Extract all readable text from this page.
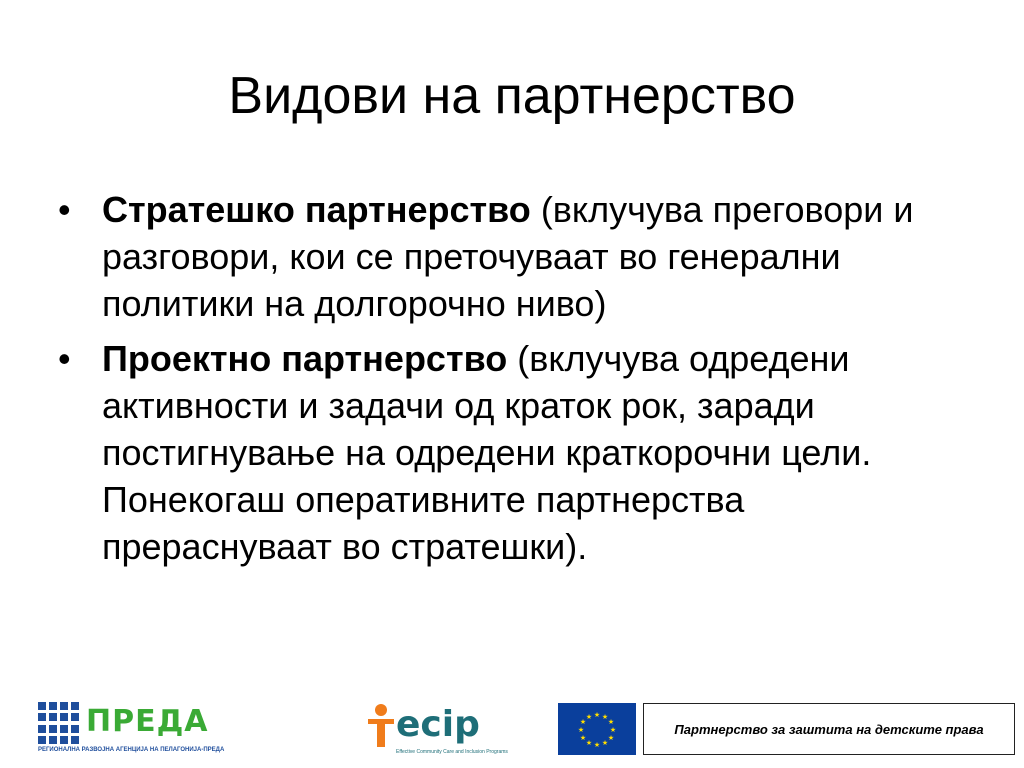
Видови на партнерство
• Стратешко партнерство (вклучува преговори и разговори, кои се преточуваат во генерални политики на долгорочно ниво)
• Проектно партнерство (вклучува одредени активности и задачи од краток рок, заради постигнување на одредени краткорочни цели. Понекогаш оперативните партнерства прераснуваат во стратешки).
ПРЕДА
РЕГИОНАЛНА РАЗВОЈНА АГЕНЦИЈА НА ПЕЛАГОНИЈА-ПРЕДА
ecip
Effective Community Care and Inclusion Programs
★ ★
★
★
★
★
★
★
★
★
★
★
Партнерство за заштита на детските права
